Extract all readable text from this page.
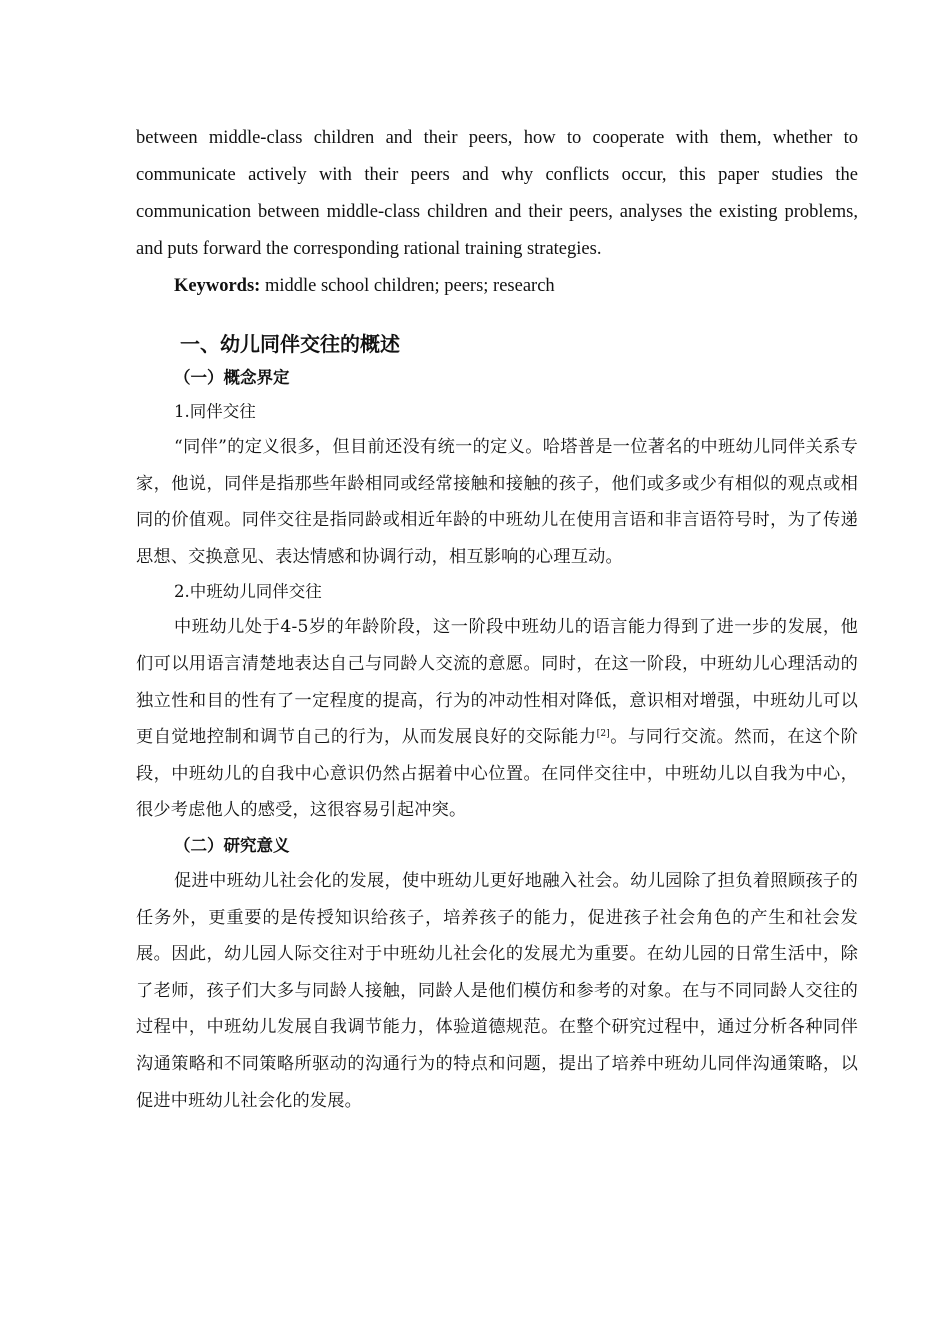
between middle-class children and their peers, how to cooperate with them, whether to communicate actively with their peers and why conflicts occur, this paper studies the communication between middle-class children and their peers, analyses the existing problems, and puts forward the corresponding rational training strategies.

Keywords: middle school children; peers; research

一、幼儿同伴交往的概述
（一）概念界定
1.同伴交往

“同伴”的定义很多，但目前还没有统一的定义。哈塔普是一位著名的中班幼儿同伴关系专家，他说，同伴是指那些年龄相同或经常接触和接触的孩子，他们或多或少有相似的观点或相同的价值观。同伴交往是指同龄或相近年龄的中班幼儿在使用言语和非言语符号时，为了传递思想、交换意见、表达情感和协调行动，相互影响的心理互动。

2.中班幼儿同伴交往

中班幼儿处于4-5岁的年龄阶段，这一阶段中班幼儿的语言能力得到了进一步的发展，他们可以用语言清楚地表达自己与同龄人交流的意愿。同时，在这一阶段，中班幼儿心理活动的独立性和目的性有了一定程度的提高，行为的冲动性相对降低，意识相对增强，中班幼儿可以更自觉地控制和调节自己的行为，从而发展良好的交际能力[2]。与同行交流。然而，在这个阶段，中班幼儿的自我中心意识仍然占据着中心位置。在同伴交往中，中班幼儿以自我为中心，很少考虑他人的感受，这很容易引起冲突。

（二）研究意义

促进中班幼儿社会化的发展，使中班幼儿更好地融入社会。幼儿园除了担负着照顾孩子的任务外，更重要的是传授知识给孩子，培养孩子的能力，促进孩子社会角色的产生和社会发展。因此，幼儿园人际交往对于中班幼儿社会化的发展尤为重要。在幼儿园的日常生活中，除了老师，孩子们大多与同龄人接触，同龄人是他们模仿和参考的对象。在与不同同龄人交往的过程中，中班幼儿发展自我调节能力，体验道德规范。在整个研究过程中，通过分析各种同伴沟通策略和不同策略所驱动的沟通行为的特点和问题，提出了培养中班幼儿同伴沟通策略，以促进中班幼儿社会化的发展。
